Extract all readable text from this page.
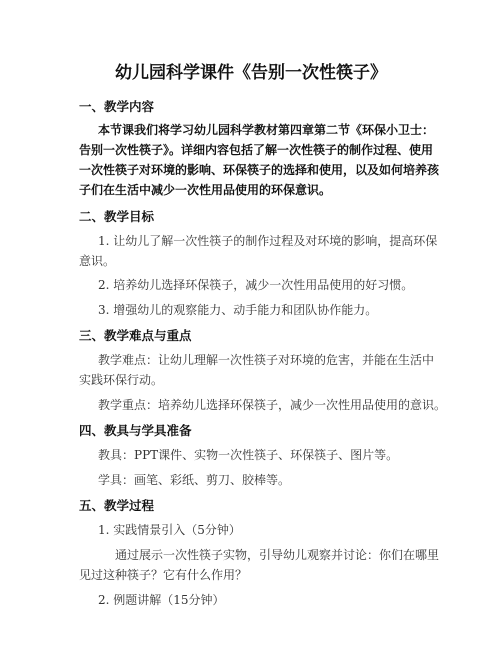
幼儿园科学课件《告别一次性筷子》
一、教学内容
本节课我们将学习幼儿园科学教材第四章第二节《环保小卫士：
告别一次性筷子》。详细内容包括了解一次性筷子的制作过程、使用
一次性筷子对环境的影响、环保筷子的选择和使用，以及如何培养孩
子们在生活中减少一次性用品使用的环保意识。
二、教学目标
1. 让幼儿了解一次性筷子的制作过程及对环境的影响，提高环保
意识。
2. 培养幼儿选择环保筷子，减少一次性用品使用的好习惯。
3. 增强幼儿的观察能力、动手能力和团队协作能力。
三、教学难点与重点
教学难点：让幼儿理解一次性筷子对环境的危害，并能在生活中
实践环保行动。
教学重点：培养幼儿选择环保筷子，减少一次性用品使用的意识。
四、教具与学具准备
教具：PPT课件、实物一次性筷子、环保筷子、图片等。
学具：画笔、彩纸、剪刀、胶棒等。
五、教学过程
1. 实践情景引入（5分钟）
通过展示一次性筷子实物，引导幼儿观察并讨论：你们在哪里
见过这种筷子？它有什么作用？
2. 例题讲解（15分钟）
